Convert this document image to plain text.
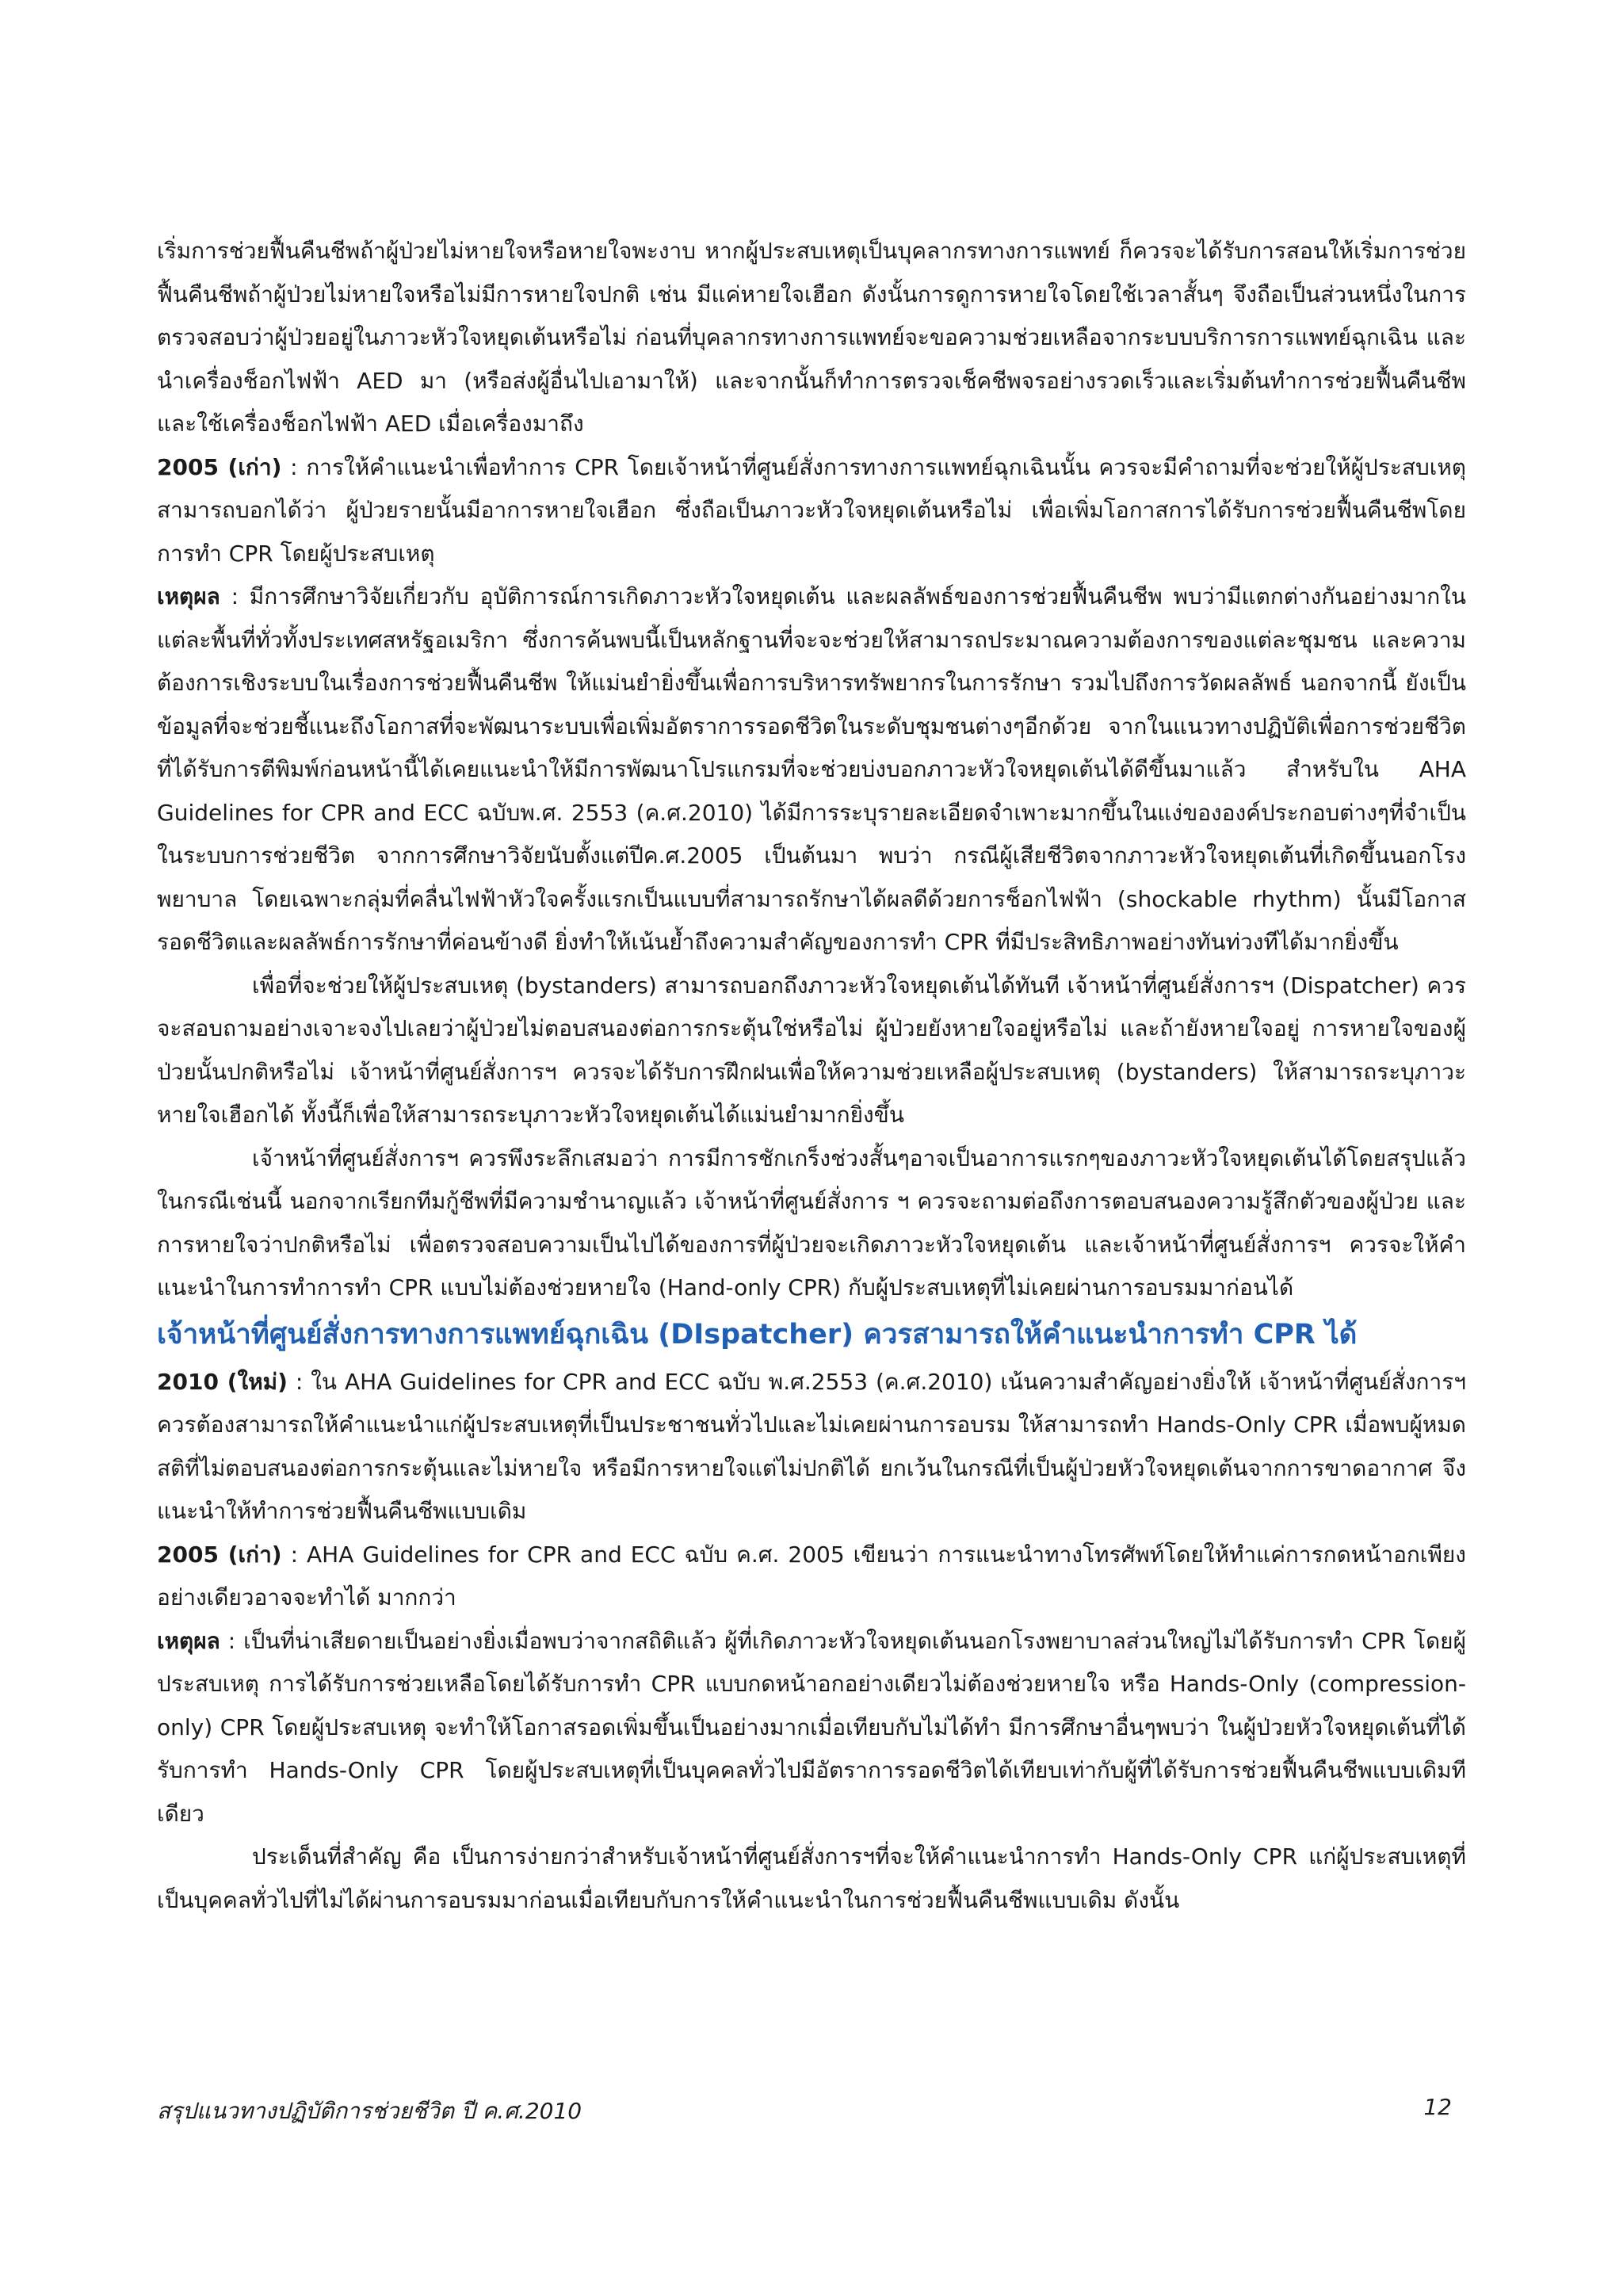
เริ่มการช่วยฟื้นคืนชีพถ้าผู้ป่วยไม่หายใจหรือหายใจพะงาบ หากผู้ประสบเหตุเป็นบุคลากรทางการแพทย์ ก็ควรจะได้รับการสอนให้เริ่มการช่วยฟื้นคืนชีพถ้าผู้ป่วยไม่หายใจหรือไม่มีการหายใจปกติ เช่น มีแค่หายใจเฮือก ดังนั้นการดูการหายใจโดยใช้เวลาสั้นๆ จึงถือเป็นส่วนหนึ่งในการตรวจสอบว่าผู้ป่วยอยู่ในภาวะหัวใจหยุดเต้นหรือไม่ ก่อนที่บุคลากรทางการแพทย์จะขอความช่วยเหลือจากระบบบริการการแพทย์ฉุกเฉิน และนำเครื่องช็อกไฟฟ้า AED มา (หรือส่งผู้อื่นไปเอามาให้) และจากนั้นก็ทำการตรวจเช็คชีพจรอย่างรวดเร็วและเริ่มต้นทำการช่วยฟื้นคืนชีพ และใช้เครื่องช็อกไฟฟ้า AED เมื่อเครื่องมาถึง

2005 (เก่า) : การให้คำแนะนำเพื่อทำการ CPR โดยเจ้าหน้าที่ศูนย์สั่งการทางการแพทย์ฉุกเฉินนั้น ควรจะมีคำถามที่จะช่วยให้ผู้ประสบเหตุสามารถบอกได้ว่า ผู้ป่วยรายนั้นมีอาการหายใจเฮือก ซึ่งถือเป็นภาวะหัวใจหยุดเต้นหรือไม่ เพื่อเพิ่มโอกาสการได้รับการช่วยฟื้นคืนชีพโดยการทำ CPR โดยผู้ประสบเหตุ

เหตุผล : มีการศึกษาวิจัยเกี่ยวกับ อุบัติการณ์การเกิดภาวะหัวใจหยุดเต้น และผลลัพธ์ของการช่วยฟื้นคืนชีพ พบว่ามีแตกต่างกันอย่างมากในแต่ละพื้นที่ทั่วทั้งประเทศสหรัฐอเมริกา ซึ่งการค้นพบนี้เป็นหลักฐานที่จะจะช่วยให้สามารถประมาณความต้องการของแต่ละชุมชน และความต้องการเชิงระบบในเรื่องการช่วยฟื้นคืนชีพ ให้แม่นยำยิ่งขึ้นเพื่อการบริหารทรัพยากรในการรักษา รวมไปถึงการวัดผลลัพธ์ นอกจากนี้ ยังเป็นข้อมูลที่จะช่วยชี้แนะถึงโอกาสที่จะพัฒนาระบบเพื่อเพิ่มอัตราการรอดชีวิตในระดับชุมชนต่างๆอีกด้วย จากในแนวทางปฏิบัติเพื่อการช่วยชีวิตที่ได้รับการตีพิมพ์ก่อนหน้านี้ได้เคยแนะนำให้มีการพัฒนาโปรแกรมที่จะช่วยบ่งบอกภาวะหัวใจหยุดเต้นได้ดีขึ้นมาแล้ว สำหรับใน AHA Guidelines for CPR and ECC ฉบับพ.ศ. 2553 (ค.ศ.2010) ได้มีการระบุรายละเอียดจำเพาะมากขึ้นในแง่ขององค์ประกอบต่างๆที่จำเป็นในระบบการช่วยชีวิต จากการศึกษาวิจัยนับตั้งแต่ปีค.ศ.2005 เป็นต้นมา พบว่า กรณีผู้เสียชีวิตจากภาวะหัวใจหยุดเต้นที่เกิดขึ้นนอกโรงพยาบาล โดยเฉพาะกลุ่มที่คลื่นไฟฟ้าหัวใจครั้งแรกเป็นแบบที่สามารถรักษาได้ผลดีด้วยการช็อกไฟฟ้า (shockable rhythm) นั้นมีโอกาสรอดชีวิตและผลลัพธ์การรักษาที่ค่อนข้างดี ยิ่งทำให้เน้นย้ำถึงความสำคัญของการทำ CPR ที่มีประสิทธิภาพอย่างทันท่วงทีได้มากยิ่งขึ้น

เพื่อที่จะช่วยให้ผู้ประสบเหตุ (bystanders) สามารถบอกถึงภาวะหัวใจหยุดเต้นได้ทันที เจ้าหน้าที่ศูนย์สั่งการฯ (Dispatcher) ควรจะสอบถามอย่างเจาะจงไปเลยว่าผู้ป่วยไม่ตอบสนองต่อการกระตุ้นใช่หรือไม่ ผู้ป่วยยังหายใจอยู่หรือไม่ และถ้ายังหายใจอยู่ การหายใจของผู้ป่วยนั้นปกติหรือไม่ เจ้าหน้าที่ศูนย์สั่งการฯ ควรจะได้รับการฝึกฝนเพื่อให้ความช่วยเหลือผู้ประสบเหตุ (bystanders) ให้สามารถระบุภาวะหายใจเฮือกได้ ทั้งนี้ก็เพื่อให้สามารถระบุภาวะหัวใจหยุดเต้นได้แม่นยำมากยิ่งขึ้น

เจ้าหน้าที่ศูนย์สั่งการฯ ควรพึงระลึกเสมอว่า การมีการชักเกร็งช่วงสั้นๆอาจเป็นอาการแรกๆของภาวะหัวใจหยุดเต้นได้โดยสรุปแล้วในกรณีเช่นนี้ นอกจากเรียกทีมกู้ชีพที่มีความชำนาญแล้ว เจ้าหน้าที่ศูนย์สั่งการ ฯ ควรจะถามต่อถึงการตอบสนองความรู้สึกตัวของผู้ป่วย และการหายใจว่าปกติหรือไม่ เพื่อตรวจสอบความเป็นไปได้ของการที่ผู้ป่วยจะเกิดภาวะหัวใจหยุดเต้น และเจ้าหน้าที่ศูนย์สั่งการฯ ควรจะให้คำแนะนำในการทำการทำ CPR แบบไม่ต้องช่วยหายใจ (Hand-only CPR) กับผู้ประสบเหตุที่ไม่เคยผ่านการอบรมมาก่อนได้

เจ้าหน้าที่ศูนย์สั่งการทางการแพทย์ฉุกเฉิน (DIspatcher) ควรสามารถให้คำแนะนำการทำ CPR ได้

2010 (ใหม่) : ใน AHA Guidelines for CPR and ECC ฉบับ พ.ศ.2553 (ค.ศ.2010) เน้นความสำคัญอย่างยิ่งให้ เจ้าหน้าที่ศูนย์สั่งการฯ ควรต้องสามารถให้คำแนะนำแก่ผู้ประสบเหตุที่เป็นประชาชนทั่วไปและไม่เคยผ่านการอบรม ให้สามารถทำ Hands-Only CPR เมื่อพบผู้หมดสติที่ไม่ตอบสนองต่อการกระตุ้นและไม่หายใจ หรือมีการหายใจแต่ไม่ปกติได้ ยกเว้นในกรณีที่เป็นผู้ป่วยหัวใจหยุดเต้นจากการขาดอากาศ จึงแนะนำให้ทำการช่วยฟื้นคืนชีพแบบเดิม

2005 (เก่า) : AHA Guidelines for CPR and ECC ฉบับ ค.ศ. 2005 เขียนว่า การแนะนำทางโทรศัพท์โดยให้ทำแค่การกดหน้าอกเพียงอย่างเดียวอาจจะทำได้ มากกว่า

เหตุผล : เป็นที่น่าเสียดายเป็นอย่างยิ่งเมื่อพบว่าจากสถิติแล้ว ผู้ที่เกิดภาวะหัวใจหยุดเต้นนอกโรงพยาบาลส่วนใหญ่ไม่ได้รับการทำ CPR โดยผู้ประสบเหตุ การได้รับการช่วยเหลือโดยได้รับการทำ CPR แบบกดหน้าอกอย่างเดียวไม่ต้องช่วยหายใจ หรือ Hands-Only (compression-only) CPR โดยผู้ประสบเหตุ จะทำให้โอกาสรอดเพิ่มขึ้นเป็นอย่างมากเมื่อเทียบกับไม่ได้ทำ มีการศึกษาอื่นๆพบว่า ในผู้ป่วยหัวใจหยุดเต้นที่ได้รับการทำ Hands-Only CPR โดยผู้ประสบเหตุที่เป็นบุคคลทั่วไปมีอัตราการรอดชีวิตได้เทียบเท่ากับผู้ที่ได้รับการช่วยฟื้นคืนชีพแบบเดิมทีเดียว

ประเด็นที่สำคัญ คือ เป็นการง่ายกว่าสำหรับเจ้าหน้าที่ศูนย์สั่งการฯที่จะให้คำแนะนำการทำ Hands-Only CPR แก่ผู้ประสบเหตุที่เป็นบุคคลทั่วไปที่ไม่ได้ผ่านการอบรมมาก่อนเมื่อเทียบกับการให้คำแนะนำในการช่วยฟื้นคืนชีพแบบเดิม ดังนั้น

สรุปแนวทางปฏิบัติการช่วยชีวิต ปี ค.ศ.2010	12
